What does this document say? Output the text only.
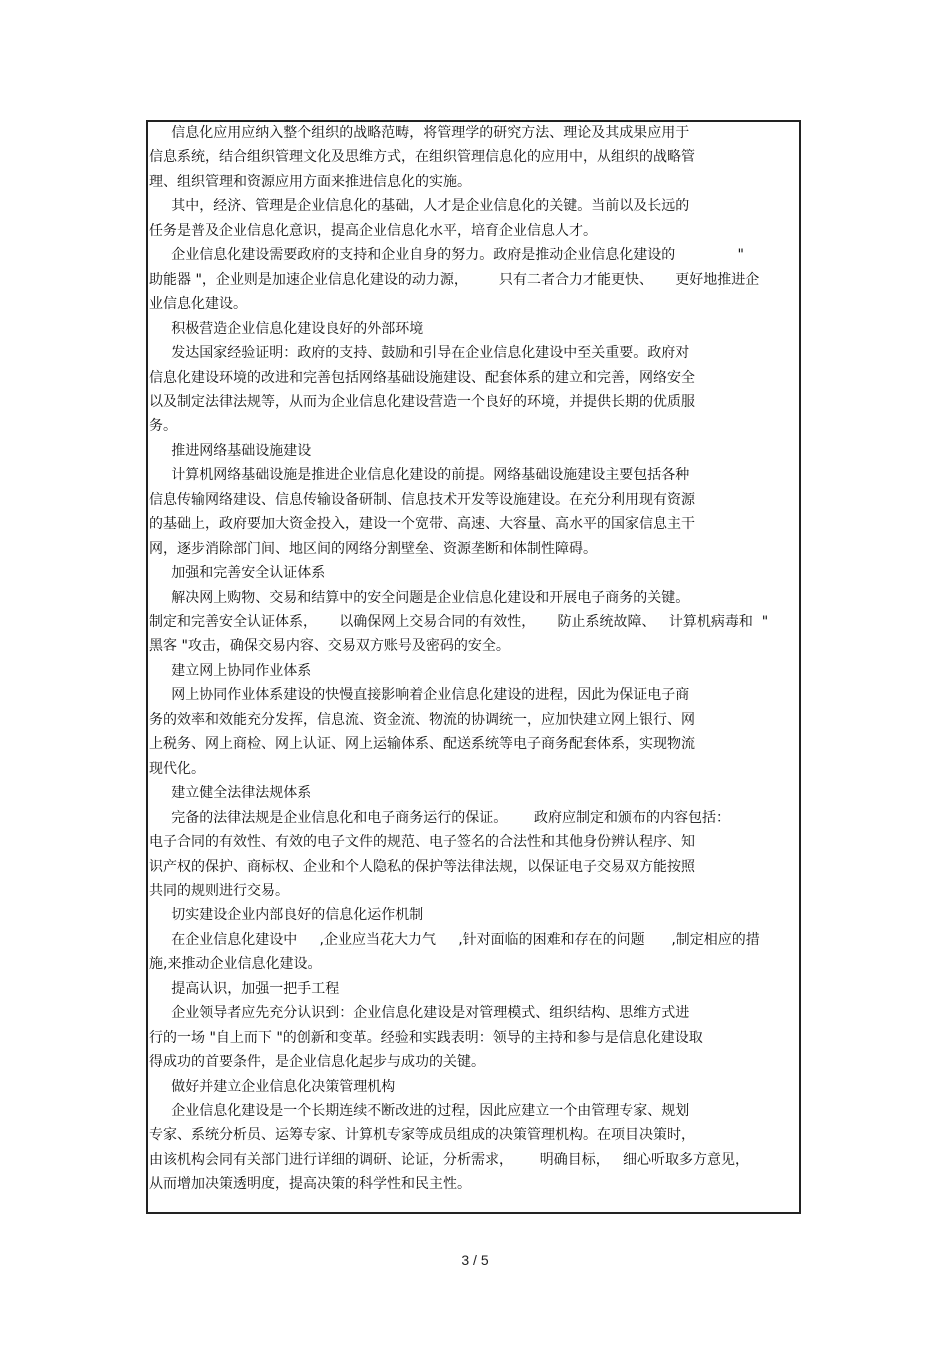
信息化应用应纳入整个组织的战略范畴，将管理学的研究方法、理论及其成果应用于
信息系统，结合组织管理文化及思维方式，在组织管理信息化的应用中，从组织的战略管
理、组织管理和资源应用方面来推进信息化的实施。
其中，经济、管理是企业信息化的基础，人才是企业信息化的关键。当前以及长远的
任务是普及企业信息化意识，提高企业信息化水平，培育企业信息人才。
企业信息化建设需要政府的支持和企业自身的努力。政府是推动企业信息化建设的              "
助能器 "，企业则是加速企业信息化建设的动力源，       只有二者合力才能更快、     更好地推进企
业信息化建设。
积极营造企业信息化建设良好的外部环境
发达国家经验证明：政府的支持、鼓励和引导在企业信息化建设中至关重要。政府对
信息化建设环境的改进和完善包括网络基础设施建设、配套体系的建立和完善，网络安全
以及制定法律法规等，从而为企业信息化建设营造一个良好的环境，并提供长期的优质服
务。
推进网络基础设施建设
计算机网络基础设施是推进企业信息化建设的前提。网络基础设施建设主要包括各种
信息传输网络建设、信息传输设备研制、信息技术开发等设施建设。在充分利用现有资源
的基础上，政府要加大资金投入，建设一个宽带、高速、大容量、高水平的国家信息主干
网，逐步消除部门间、地区间的网络分割壁垒、资源垄断和体制性障碍。
加强和完善安全认证体系
解决网上购物、交易和结算中的安全问题是企业信息化建设和开展电子商务的关键。
制定和完善安全认证体系，     以确保网上交易合同的有效性，     防止系统故障、   计算机病毒和  "
黑客 "攻击，确保交易内容、交易双方账号及密码的安全。
建立网上协同作业体系
网上协同作业体系建设的快慢直接影响着企业信息化建设的进程，因此为保证电子商
务的效率和效能充分发挥，信息流、资金流、物流的协调统一，应加快建立网上银行、网
上税务、网上商检、网上认证、网上运输体系、配送系统等电子商务配套体系，实现物流
现代化。
建立健全法律法规体系
完备的法律法规是企业信息化和电子商务运行的保证。      政府应制定和颁布的内容包括：
电子合同的有效性、有效的电子文件的规范、电子签名的合法性和其他身份辨认程序、知
识产权的保护、商标权、企业和个人隐私的保护等法律法规，以保证电子交易双方能按照
共同的规则进行交易。
切实建设企业内部良好的信息化运作机制
在企业信息化建设中     ,企业应当花大力气     ,针对面临的困难和存在的问题      ,制定相应的措
施,来推动企业信息化建设。
提高认识，加强一把手工程
企业领导者应先充分认识到：企业信息化建设是对管理模式、组织结构、思维方式进
行的一场 "自上而下 "的创新和变革。经验和实践表明：领导的主持和参与是信息化建设取
得成功的首要条件，是企业信息化起步与成功的关键。
做好并建立企业信息化决策管理机构
企业信息化建设是一个长期连续不断改进的过程，因此应建立一个由管理专家、规划
专家、系统分析员、运筹专家、计算机专家等成员组成的决策管理机构。在项目决策时，
由该机构会同有关部门进行详细的调研、论证，分析需求，      明确目标，   细心听取多方意见，
从而增加决策透明度，提高决策的科学性和民主性。
3 / 5
